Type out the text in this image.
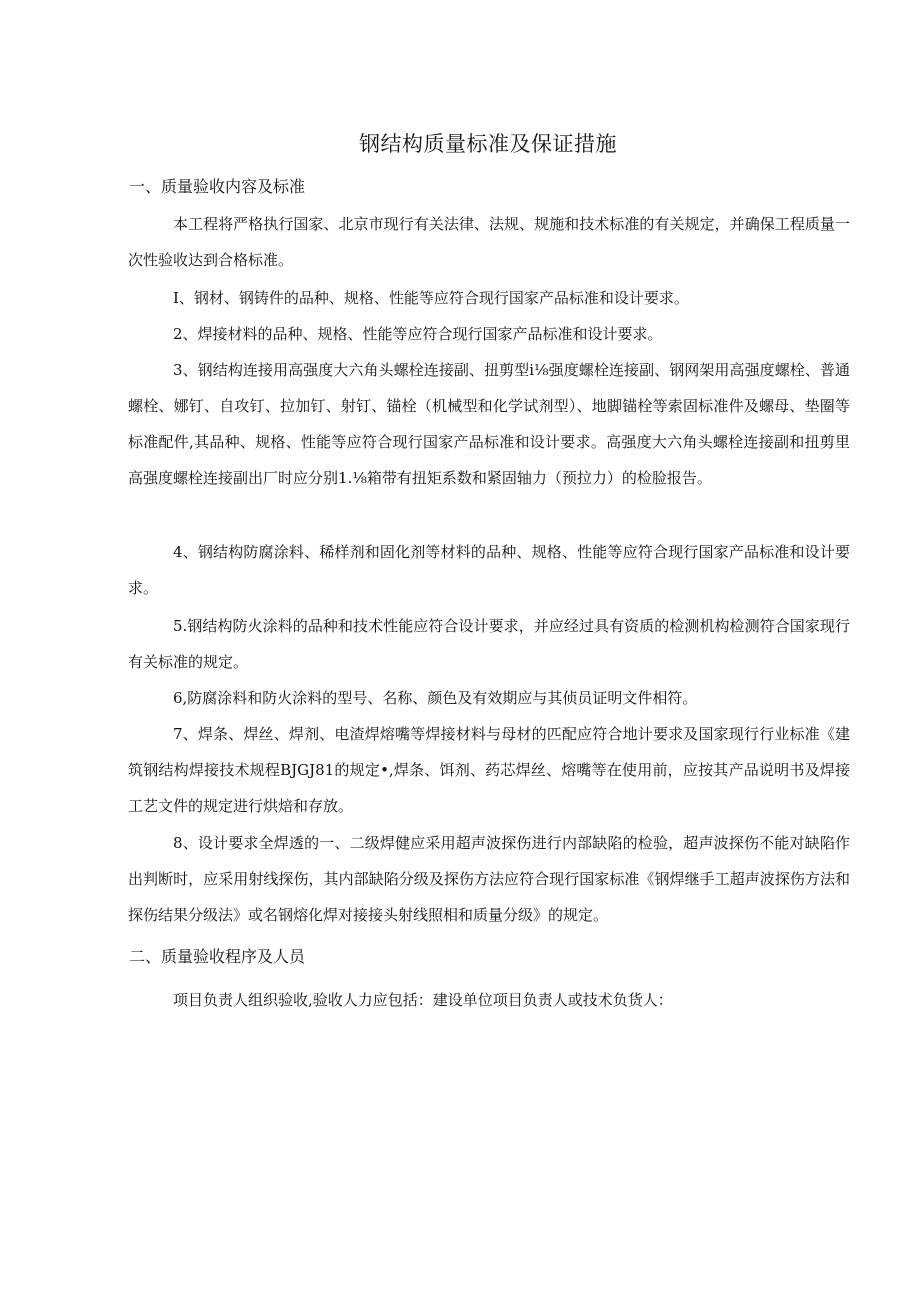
钢结构质量标准及保证措施
一、质量验收内容及标准

本工程将严格执行国家、北京市现行有关法律、法规、规施和技术标准的有关规定，并确保工程质量一次性验收达到合格标准。

I、钢材、钢铸件的品种、规格、性能等应符合现行国家产品标准和设计要求。

2、焊接材料的品种、规格、性能等应符合现行国家产品标准和设计要求。

3、钢结构连接用高强度大六角头螺栓连接副、扭剪型i⅛强度螺栓连接副、钢网架用高强度螺栓、普通螺栓、娜钉、自攻钉、拉加钉、射钉、锚栓（机械型和化学试剂型）、地脚锚栓等索固标准件及螺母、垫圈等标准配件,其品种、规格、性能等应符合现行国家产品标准和设计要求。高强度大六角头螺栓连接副和扭剪里高强度螺栓连接副出厂时应分别1.⅛箱带有扭矩系数和紧固轴力（预拉力）的检脸报告。

4、钢结构防腐涂料、稀样剂和固化剂等材料的品种、规格、性能等应符合现行国家产品标准和设计要求。

5.钢结构防火涂料的品种和技术性能应符合设计要求，并应经过具有资质的检测机构检测符合国家现行有关标准的规定。

6,防腐涂料和防火涂料的型号、名称、颜色及有效期应与其侦员证明文件相符。

7、焊条、焊丝、焊剂、电渣焊熔嘴等焊接材料与母材的匹配应符合地计要求及国家现行行业标准《建筑钢结构焊接技术规程BJGJ81的规定•,焊条、饵剂、药芯焊丝、熔嘴等在使用前，应按其产品说明书及焊接工艺文件的规定进行烘焙和存放。

8、设计要求全焊透的一、二级焊健应采用超声波探伤进行内部缺陷的检验，超声波探伤不能对缺陷作出判断时，应采用射线探伤，其内部缺陷分级及探伤方法应符合现行国家标准《钢焊继手工超声波探伤方法和探伤结果分级法》或名钢熔化焊对接接头射线照相和质量分级》的规定。

二、质量验收程序及人员

项目负责人组织验收,验收人力应包括：建设单位项目负责人或技术负货人：
